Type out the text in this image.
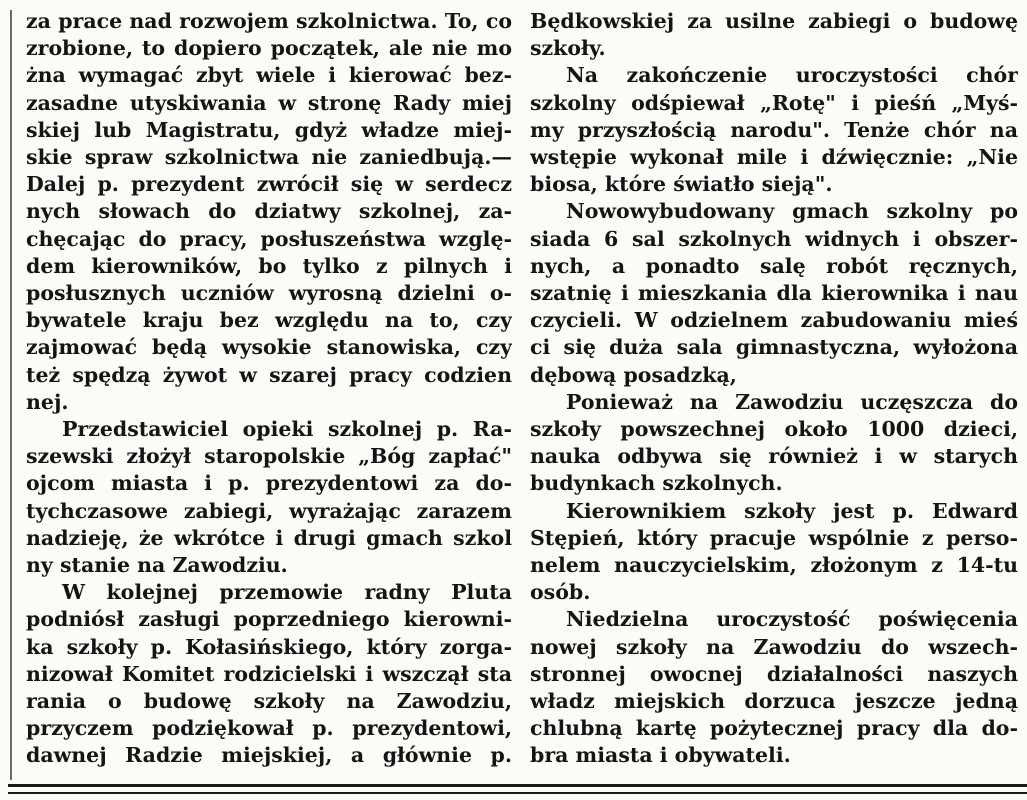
za prace nad rozwojem szkolnictwa. To, co
zrobione, to dopiero początek, ale nie mo
żna wymagać zbyt wiele i kierować bez-
zasadne utyskiwania w stronę Rady miej
skiej lub Magistratu, gdyż władze miej-
skie spraw szkolnictwa nie zaniedbują.—
Dalej p. prezydent zwrócił się w serdecz
nych słowach do dziatwy szkolnej, za-
chęcając do pracy, posłuszeństwa wzglę-
dem kierowników, bo tylko z pilnych i
posłusznych uczniów wyrosną dzielni o-
bywatele kraju bez względu na to, czy
zajmować będą wysokie stanowiska, czy
też spędzą żywot w szarej pracy codzien
nej.
Przedstawiciel opieki szkolnej p. Ra-
szewski złożył staropolskie „Bóg zapłać"
ojcom miasta i p. prezydentowi za do-
tychczasowe zabiegi, wyrażając zarazem
nadzieję, że wkrótce i drugi gmach szkol
ny stanie na Zawodziu.
W kolejnej przemowie radny Pluta
podniósł zasługi poprzedniego kierowni-
ka szkoły p. Kołasińskiego, który zorga-
nizował Komitet rodzicielski i wszczął sta
rania o budowę szkoły na Zawodziu,
przyczem podziękował p. prezydentowi,
dawnej Radzie miejskiej, a głównie p.
Będkowskiej za usilne zabiegi o budowę
szkoły.
Na zakończenie uroczystości chór
szkolny odśpiewał „Rotę" i pieśń „Myś-
my przyszłością narodu". Tenże chór na
wstępie wykonał mile i dźwięcznie: „Nie
biosa, które światło sieją".
Nowowybudowany gmach szkolny po
siada 6 sal szkolnych widnych i obszer-
nych, a ponadto salę robót ręcznych,
szatnię i mieszkania dla kierownika i nau
czycieli. W odzielnem zabudowaniu mieś
ci się duża sala gimnastyczna, wyłożona
dębową posadzką,
Ponieważ na Zawodziu uczęszcza do
szkoły powszechnej około 1000 dzieci,
nauka odbywa się również i w starych
budynkach szkolnych.
Kierownikiem szkoły jest p. Edward
Stępień, który pracuje wspólnie z perso-
nelem nauczycielskim, złożonym z 14-tu
osób.
Niedzielna uroczystość poświęcenia
nowej szkoły na Zawodziu do wszech-
stronnej owocnej działalności naszych
władz miejskich dorzuca jeszcze jedną
chlubną kartę pożytecznej pracy dla do-
bra miasta i obywateli.
